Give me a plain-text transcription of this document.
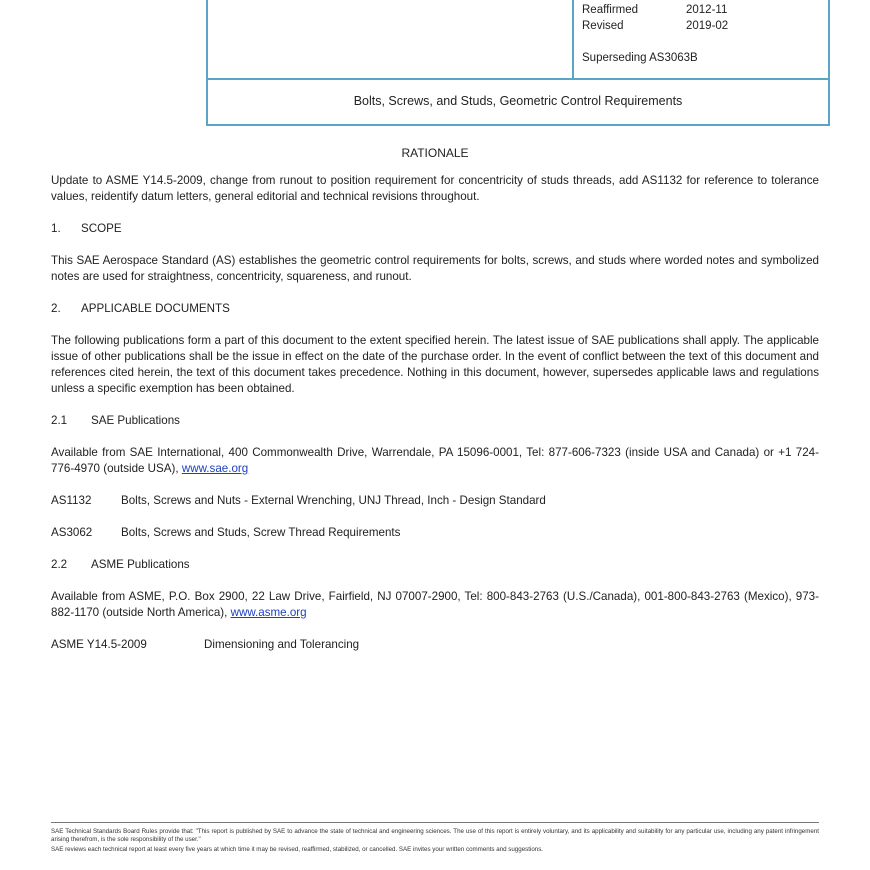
Reaffirmed	2012-11
Revised	2019-02
Superseding AS3063B
Bolts, Screws, and Studs, Geometric Control Requirements
RATIONALE

Update to ASME Y14.5-2009, change from runout to position requirement for concentricity of studs threads, add AS1132 for reference to tolerance values, reidentify datum letters, general editorial and technical revisions throughout.

1.	SCOPE

This SAE Aerospace Standard (AS) establishes the geometric control requirements for bolts, screws, and studs where worded notes and symbolized notes are used for straightness, concentricity, squareness, and runout.

2.	APPLICABLE DOCUMENTS

The following publications form a part of this document to the extent specified herein. The latest issue of SAE publications shall apply. The applicable issue of other publications shall be the issue in effect on the date of the purchase order. In the event of conflict between the text of this document and references cited herein, the text of this document takes precedence. Nothing in this document, however, supersedes applicable laws and regulations unless a specific exemption has been obtained.

2.1	SAE Publications

Available from SAE International, 400 Commonwealth Drive, Warrendale, PA 15096-0001, Tel: 877-606-7323 (inside USA and Canada) or +1 724-776-4970 (outside USA), www.sae.org

AS1132	Bolts, Screws and Nuts - External Wrenching, UNJ Thread, Inch - Design Standard
AS3062	Bolts, Screws and Studs, Screw Thread Requirements
2.2	ASME Publications

Available from ASME, P.O. Box 2900, 22 Law Drive, Fairfield, NJ 07007-2900, Tel: 800-843-2763 (U.S./Canada), 001-800-843-2763 (Mexico), 973-882-1170 (outside North America), www.asme.org

ASME Y14.5-2009	Dimensioning and Tolerancing

SAE Technical Standards Board Rules provide that: "This report is published by SAE to advance the state of technical and engineering sciences. The use of this report is entirely voluntary, and its applicability and suitability for any particular use, including any patent infringement arising therefrom, is the sole responsibility of the user."

SAE reviews each technical report at least every five years at which time it may be revised, reaffirmed, stabilized, or cancelled. SAE invites your written comments and suggestions.
